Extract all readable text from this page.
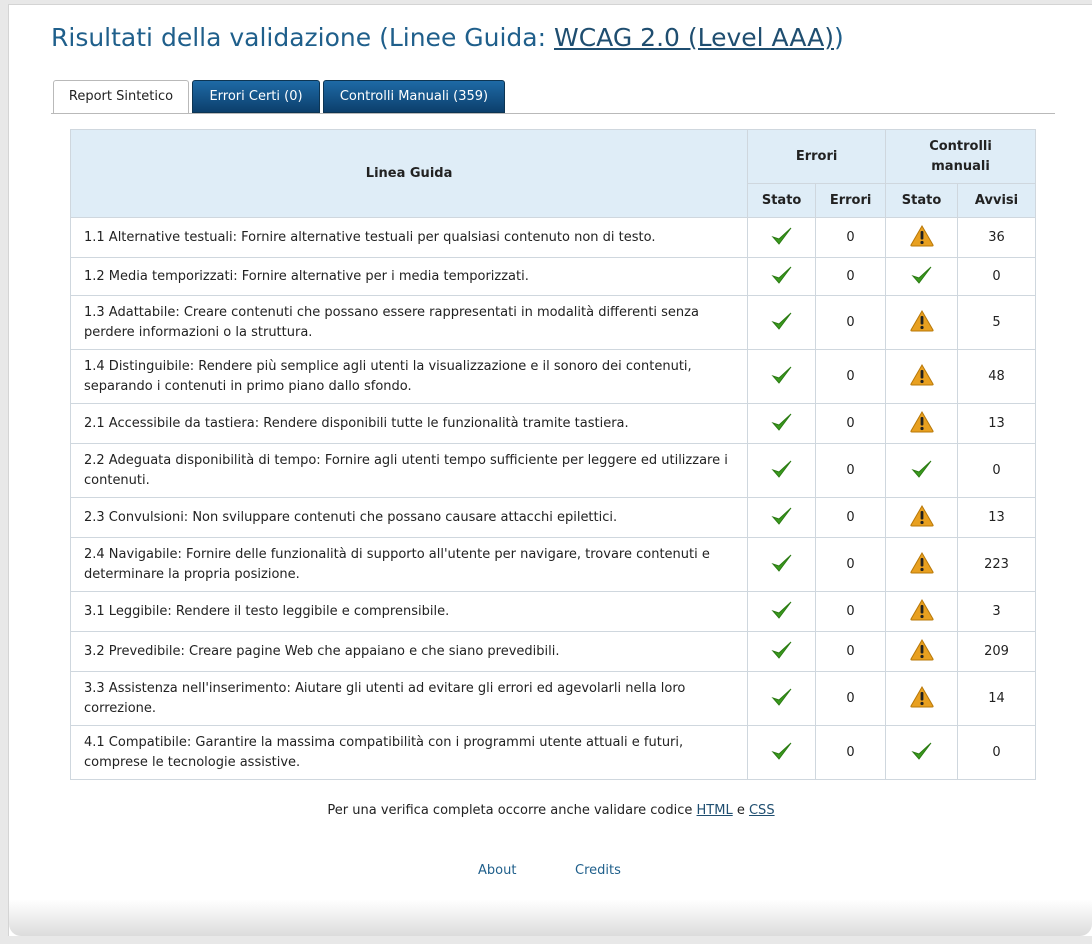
Risultati della validazione (Linee Guida: WCAG 2.0 (Level AAA))
Report Sintetico	Errori Certi (0)	Controlli Manuali (359)
Linea Guida	Errori		Controlli manuali	
	Stato	Errori	Stato	Avvisi
1.1 Alternative testuali: Fornire alternative testuali per qualsiasi contenuto non di testo.		0		36
1.2 Media temporizzati: Fornire alternative per i media temporizzati.		0		0
1.3 Adattabile: Creare contenuti che possano essere rappresentati in modalità differenti senza perdere informazioni o la struttura.		0		5
1.4 Distinguibile: Rendere più semplice agli utenti la visualizzazione e il sonoro dei contenuti, separando i contenuti in primo piano dallo sfondo.		0		48
2.1 Accessibile da tastiera: Rendere disponibili tutte le funzionalità tramite tastiera.		0		13
2.2 Adeguata disponibilità di tempo: Fornire agli utenti tempo sufficiente per leggere ed utilizzare i contenuti.		0		0
2.3 Convulsioni: Non sviluppare contenuti che possano causare attacchi epilettici.		0		13
2.4 Navigabile: Fornire delle funzionalità di supporto all'utente per navigare, trovare contenuti e determinare la propria posizione.		0		223
3.1 Leggibile: Rendere il testo leggibile e comprensibile.		0		3
3.2 Prevedibile: Creare pagine Web che appaiano e che siano prevedibili.		0		209
3.3 Assistenza nell'inserimento: Aiutare gli utenti ad evitare gli errori ed agevolarli nella loro correzione.		0		14
4.1 Compatibile: Garantire la massima compatibilità con i programmi utente attuali e futuri, comprese le tecnologie assistive.		0		0
Per una verifica completa occorre anche validare codice HTML e CSS
About	Credits
